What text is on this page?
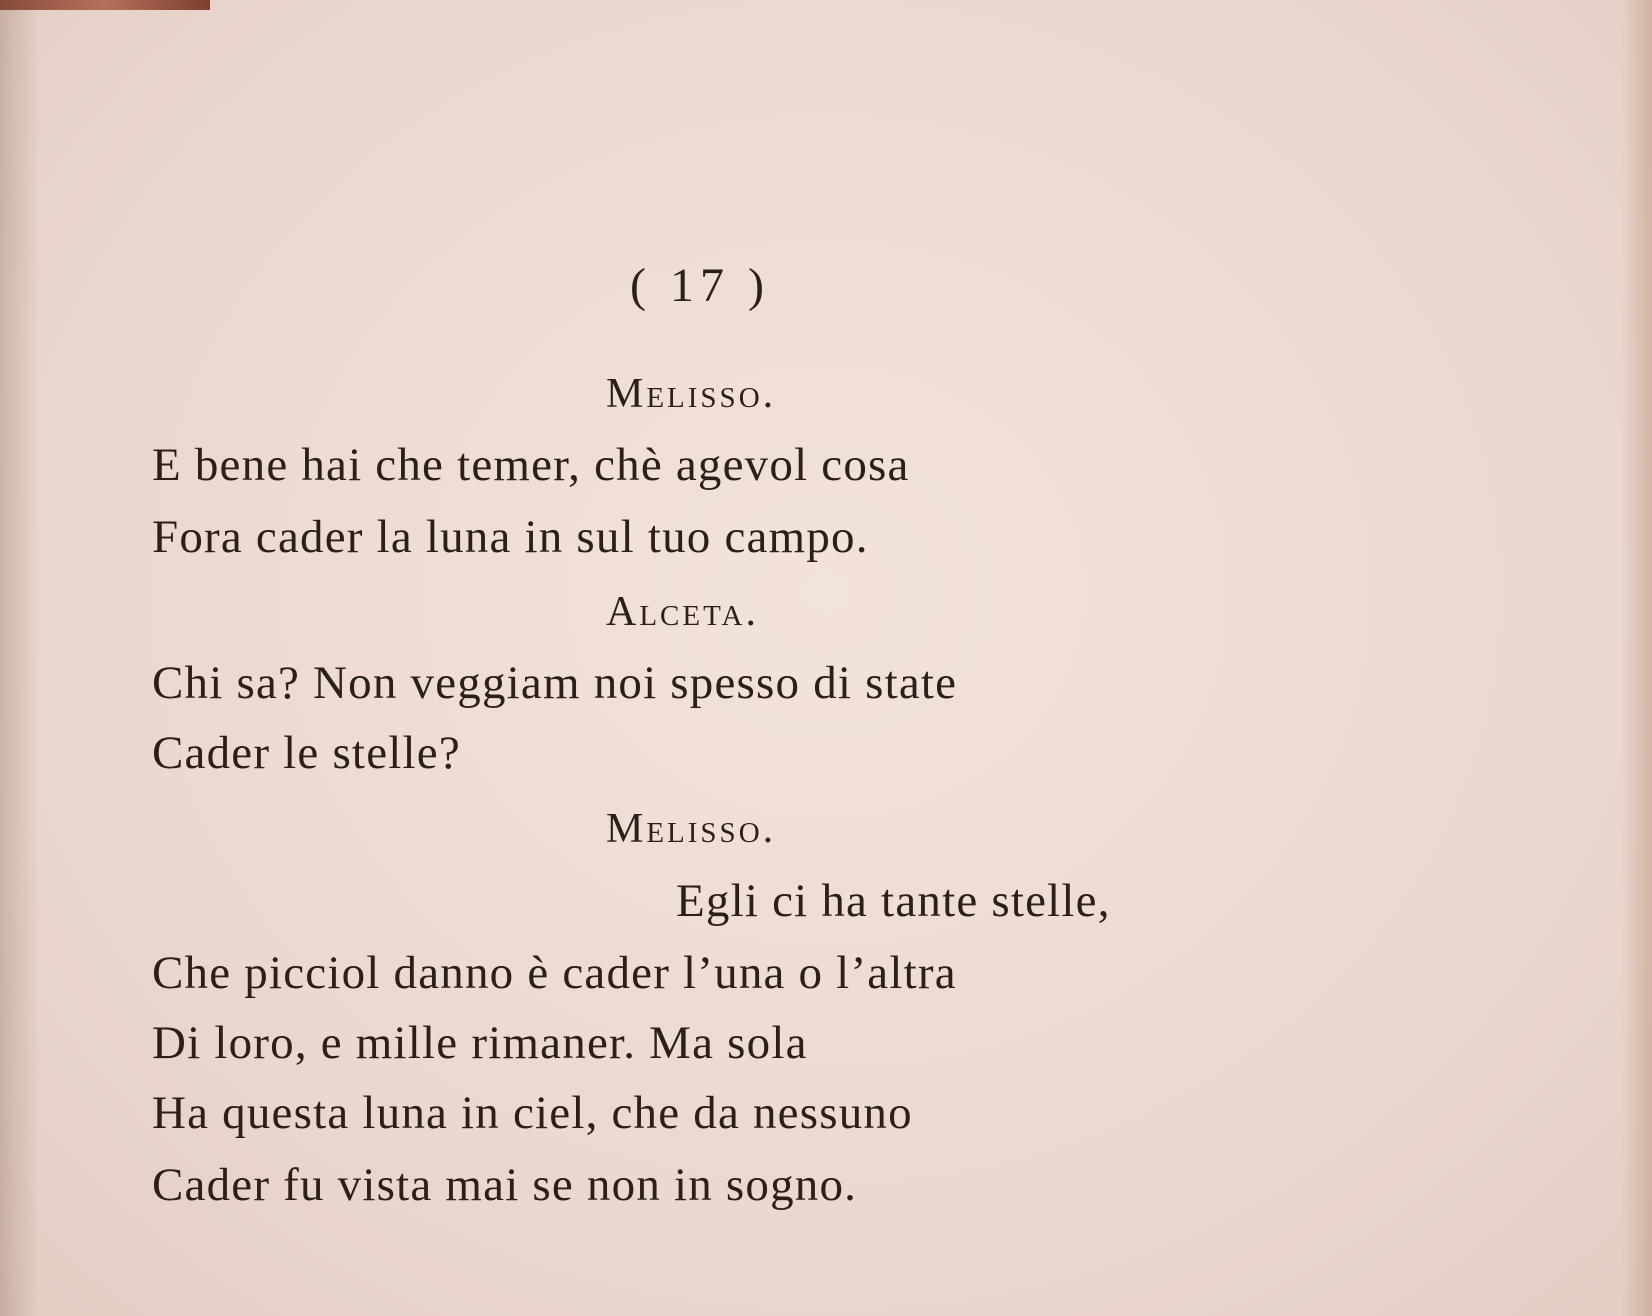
( 17 )
Melisso.
E bene hai che temer, chè agevol cosa
Fora cader la luna in sul tuo campo.
Alceta.
Chi sa? Non veggiam noi spesso di state
Cader le stelle?
Melisso.
Egli ci ha tante stelle,
Che picciol danno è cader l’una o l’altra
Di loro, e mille rimaner. Ma sola
Ha questa luna in ciel, che da nessuno
Cader fu vista mai se non in sogno.
